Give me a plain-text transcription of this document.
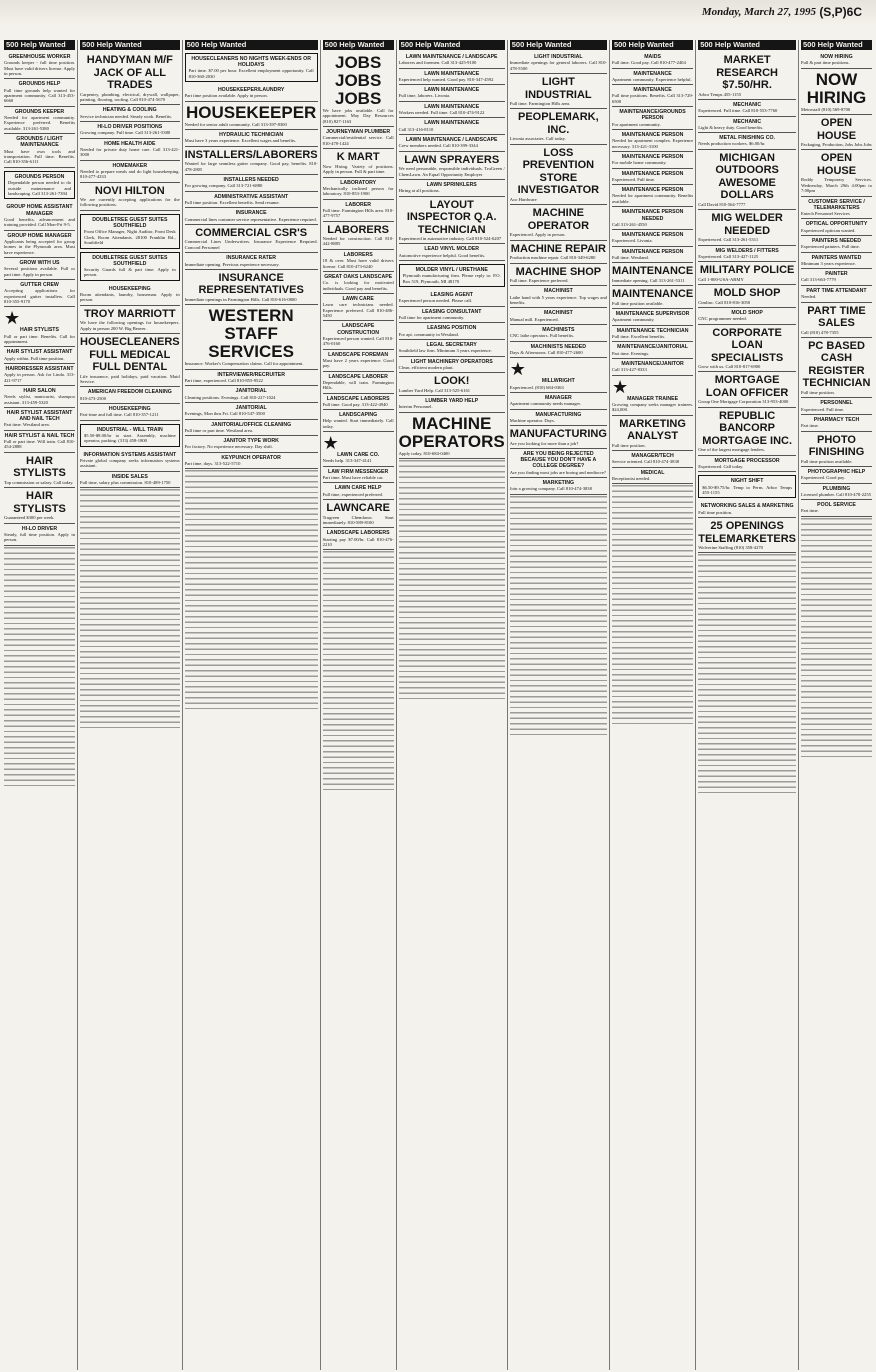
Monday, March 27, 1995 (S,P)6C
500 Help Wanted
GREENHOUSE WORKER
Grounds keeper - full time position. Must have valid drivers license. Apply in person.
GROUNDS HELP
Full time grounds help wanted for apartment community. Call 313-453-6660
GROUNDS KEEPER
Needed for apartment community. Experience preferred. Benefits available. 313-261-5380
GROUNDS / LIGHT MAINTENANCE
Must have own tools and transportation. Full time. Benefits. Call 810-356-6111
GROUNDS PERSON
Dependable person needed to do outside maintenance and landscaping. Call 313-261-7394
GROUP HOME ASSISTANT MANAGER
Good benefits, advancement and training provided. Call Mon-Fri 9-5.
GROUP HOME MANAGER
Applicants being accepted for group homes in the Plymouth area. Must have experience.
GROW WITH US
Several positions available. Full or part time. Apply in person.
GUTTER CREW
Accepting applications for experienced gutter installers. Call 810-355-9170
★
HAIR STYLISTS
Full or part time. Benefits. Call for appointment.
HAIR STYLIST ASSISTANT
Apply within. Full time position.
HAIRDRESSER ASSISTANT
Apply in person. Ask for Linda. 313-421-9717
HAIR SALON
Needs stylist, manicurist, shampoo assistant. 313-459-5320
HAIR STYLIST ASSISTANT AND NAIL TECH
Part time. Westland area.
HAIR STYLIST & NAIL TECH
Full or part time. Will train. Call 810-454-2888
HAIR STYLISTS
Top commission or salary. Call today.
HAIR STYLISTS
Guaranteed $300 per week.
HI-LO DRIVER
Steady, full time position. Apply in person.
500 Help Wanted
HANDYMAN M/F JACK OF ALL TRADES
Carpentry, plumbing, electrical, drywall, wallpaper, painting, flooring, roofing. Call 810-474-5670
HEATING & COOLING
Service technician needed. Steady work. Benefits.
HI-LO DRIVER POSITIONS
Growing company. Full time. Call 313-261-5380
HOME HEALTH AIDE
Needed for private duty home care. Call 313-421-3000
HOMEMAKER
Needed to prepare meals and do light housekeeping. 810-477-4333
NOVI HILTON
We are currently accepting applications for the following positions.
DOUBLETREE GUEST SUITES SOUTHFIELD
Front Office Manager, Night Auditor, Front Desk Clerk, Room Attendants. 28100 Franklin Rd., Southfield
DOUBLETREE GUEST SUITES SOUTHFIELD
Security Guards full & part time. Apply in person.
HOUSEKEEPING
Room attendants, laundry, houseman. Apply in person.
TROY MARRIOTT
We have the following openings for housekeepers. Apply in person 200 W. Big Beaver.
HOUSECLEANERS FULL MEDICAL FULL DENTAL
Life insurance, paid holidays, paid vacation. Maid Service.
AMERICAN FREEDOM CLEANING
810-473-2500
HOUSEKEEPING
Part-time and full time. Call 810-357-1211
INDUSTRIAL - WILL TRAIN
$5.50-$8.00/hr to start. Assembly, machine operator, packing. (313) 458-1800
INFORMATION SYSTEMS ASSISTANT
Private global company seeks information systems assistant.
INSIDE SALES
Full time, salary plus commission. 810-489-1750
500 Help Wanted
HOUSECLEANERS NO NIGHTS WEEK-ENDS OR HOLIDAYS
Part time. $7.00 per hour. Excellent employment opportunity. Call 810-360-2030
HOUSEKEEPER/LAUNDRY
Part time position available. Apply in person.
HOUSEKEEPER
Needed for senior adult community. Call 313-397-8300
HYDRAULIC TECHNICIAN
Must have 3 years experience. Excellent wages and benefits.
INSTALLERS/LABORERS
Wanted for large seamless gutter company. Good pay, benefits. 810-478-2805
INSTALLERS NEEDED
For growing company. Call 313-721-6880
ADMINISTRATIVE ASSISTANT
Full time position. Excellent benefits. Send resume.
INSURANCE
Commercial lines customer service representative. Experience required.
COMMERCIAL CSR'S
Commercial Lines Underwriters. Insurance Experience Required. Concord Personnel
INSURANCE RATER
Immediate opening. Previous experience necessary.
INSURANCE REPRESENTATIVES
Immediate openings in Farmington Hills. Call 810-616-0800
WESTERN STAFF SERVICES
Insurance. Worker's Compensation claims. Call for appointment.
INTERVIEWER/RECRUITER
Part time, experienced. Call 810-855-9522
JANITORIAL
Cleaning positions. Evenings. Call 810-227-1024
JANITORIAL
Evenings, Mon thru Fri. Call 810-547-3500
JANITORIAL/OFFICE CLEANING
Full time or part time. Westland area.
JANITOR TYPE WORK
For factory. No experience necessary. Day shift.
KEYPUNCH OPERATOR
Part time, days. 313-522-5710
500 Help Wanted
JOBS JOBS JOBS
We have jobs available. Call for appointment. May Day Resources (810) 827-1163
JOURNEYMAN PLUMBER
Commercial/residential service. Call 810-478-1424
K MART
Now Hiring. Variety of positions. Apply in person. Full & part time.
LABORATORY
Mechanically inclined person for laboratory. 810-853-1900
LABORER
Full time. Farmington Hills area. 810-477-9757
LABORERS
Needed for construction. Call 810-442-8885
LABORERS
18 & over. Must have valid drivers license. Call 810-473-6240
GREAT OAKS LANDSCAPE
Co. is looking for motivated individuals. Good pay and benefits.
LAWN CARE
Lawn care technicians needed. Experience preferred. Call 810-486-5450
LANDSCAPE CONSTRUCTION
Experienced person wanted. Call 810-476-0160
LANDSCAPE FOREMAN
Must have 2 years experience. Good pay.
LANDSCAPE LABORER
Dependable, will train. Farmington Hills.
LANDSCAPE LABORERS
Full time. Good pay. 313-422-4940
LANDSCAPING
Help wanted. Start immediately. Call today.
★
LAWN CARE CO.
Needs help. 313-347-4141
LAW FIRM MESSENGER
Part time. Must have reliable car.
LAWN CARE HELP
Full time, experienced preferred.
LAWNCARE
Trugreen Chemlawn. Start immediately. 810-589-8100
LANDSCAPE LABORERS
Starting pay $7.00/hr. Call 810-476-2210
500 Help Wanted
LAWN MAINTENANCE / LANDSCAPE
Laborers and foremen. Call 313-425-9100
LAWN MAINTENANCE
Experienced help wanted. Good pay. 810-347-4592
LAWN MAINTENANCE
Full time, laborers. Livonia.
LAWN MAINTENANCE
Workers needed. Full time. Call 810-474-9122
LAWN MAINTENANCE
Call 313-416-8110
LAWN MAINTENANCE / LANDSCAPE
Crew members needed. Call 810-399-3344
LAWN SPRAYERS
We need personable, responsible individuals. TruGreen / ChemLawn. An Equal Opportunity Employer
LAWN SPRINKLERS
Hiring at all positions.
LAYOUT INSPECTOR Q.A. TECHNICIAN
Experienced in automotive industry. Call 810-524-6207
LEAD VINYL MOLDER
Automotive experience helpful. Good benefits.
MOLDER VINYL / URETHANE
Plymouth manufacturing firm. Please reply to: P.O. Box 519, Plymouth, MI 48170
LEASING AGENT
Experienced person needed. Please call.
LEASING CONSULTANT
Full time for apartment community.
LEASING POSITION
For apt. community in Westland.
LEGAL SECRETARY
Southfield law firm. Minimum 3 years experience.
LIGHT MACHINERY OPERATORS
Clean, efficient modern plant.
LOOK!
Lumber Yard Help. Call 313-525-6161
LUMBER YARD HELP
Interim Personnel.
MACHINE OPERATORS
Apply today. 810-684-0400
500 Help Wanted
LIGHT INDUSTRIAL
Immediate openings for general laborers. Call 810-478-5500
LIGHT INDUSTRIAL
Full time. Farmington Hills area.
PEOPLEMARK, INC.
Livonia associates. Call today.
LOSS PREVENTION STORE INVESTIGATOR
Aco Hardware
MACHINE OPERATOR
Experienced. Apply in person.
MACHINE REPAIR
Production machine repair. Call 810-349-6280
MACHINE SHOP
Full time. Experience preferred.
MACHINIST
Lathe hand with 5 years experience. Top wages and benefits.
MACHINIST
Manual mill. Experienced.
MACHINISTS
CNC lathe operators. Full benefits.
MACHINISTS NEEDED
Days & Afternoons. Call 810-477-2600
★
MILLWRIGHT
Experienced. (810) 684-0363
MANAGER
Apartment community needs manager.
MANUFACTURING
Machine operator. Days.
MANUFACTURING
Are you looking for more than a job?
ARE YOU BEING REJECTED BECAUSE YOU DON'T HAVE A COLLEGE DEGREE?
Are you finding most jobs are boring and mediocre?
MARKETING
Join a growing company. Call 810-474-3838
500 Help Wanted
MAIDS
Full time. Good pay. Call 810-477-2404
MAINTENANCE
Apartment community. Experience helpful.
MAINTENANCE
Full time positions. Benefits. Call 313-729-6500
MAINTENANCE/GROUNDS PERSON
For apartment community.
MAINTENANCE PERSON
Needed for apartment complex. Experience necessary. 313-421-3100
MAINTENANCE PERSON
For mobile home community.
MAINTENANCE PERSON
Experienced. Full time.
MAINTENANCE PERSON
Needed for apartment community. Benefits available.
MAINTENANCE PERSON NEEDED
Call 313-261-4550
MAINTENANCE PERSON
Experienced. Livonia.
MAINTENANCE PERSON
Full time. Westland.
MAINTENANCE
Immediate opening. Call 313-261-5311
MAINTENANCE
Full time position available.
MAINTENANCE SUPERVISOR
Apartment community.
MAINTENANCE TECHNICIAN
Full time. Excellent benefits.
MAINTENANCE/JANITORIAL
Part time. Evenings.
MAINTENANCE/JANITOR
Call 313-427-8333
★
MANAGER TRAINEE
Growing company seeks manager trainees. $24,000.
MARKETING ANALYST
Full time position.
MANAGER/TECH
Service oriented. Call 810-474-3838
MEDICAL
Receptionist needed.
500 Help Wanted
MARKET RESEARCH $7.50/HR.
Arbor Temps 455-1155
MECHANIC
Experienced. Full time. Call 810-553-7760
MECHANIC
Light & heavy duty. Good benefits.
METAL FINISHING CO.
Needs production workers. $6.00/hr.
MICHIGAN OUTDOORS AWESOME DOLLARS
Call David 810-564-7777
MIG WELDER NEEDED
Experienced. Call 313-261-5311
MIG WELDERS / FITTERS
Experienced. Call 313-427-1125
MILITARY POLICE
Call 1-800-USA-ARMY
MOLD SHOP
Cimlinc. Call 810-816-3050
MOLD SHOP
CNC programmer needed.
CORPORATE LOAN SPECIALISTS
Grow with us. Call 810-817-6900
MORTGAGE LOAN OFFICER
Group One Mortgage Corporation 313-953-4000
REPUBLIC BANCORP MORTGAGE INC.
One of the largest mortgage lenders.
MORTGAGE PROCESSOR
Experienced. Call today.
NIGHT SHIFT
$6.50-$9.75/hr. Temp to Perm. Arbor Temps 455-1155
NETWORKING SALES & MARKETING
Full time position.
25 OPENINGS TELEMARKETERS
Wolverine Staffing (810) 358-4270
500 Help Wanted
NOW HIRING
Full & part time positions.
NOW HIRING
Metrostaff (810) 569-8700
OPEN HOUSE
Packaging, Production, Jobs Jobs Jobs
OPEN HOUSE
Roddy Temporary Services. Wednesday, March 29th 4:00pm to 7:00pm
CUSTOMER SERVICE / TELEMARKETERS
Entech Personnel Services
OPTICAL OPPORTUNITY
Experienced optician wanted.
PAINTERS NEEDED
Experienced painters. Full time.
PAINTERS WANTED
Minimum 3 years experience.
PAINTER
Call 313-663-7779
PART TIME ATTENDANT
Needed.
PART TIME SALES
Call (810) 478-7355
PC BASED CASH REGISTER TECHNICIAN
Full time position.
PERSONNEL
Experienced. Full time.
PHARMACY TECH
Part time.
PHOTO FINISHING
Full time position available.
PHOTOGRAPHIC HELP
Experienced. Good pay.
PLUMBING
Licensed plumber. Call 810-478-2255
POOL SERVICE
Part time.
